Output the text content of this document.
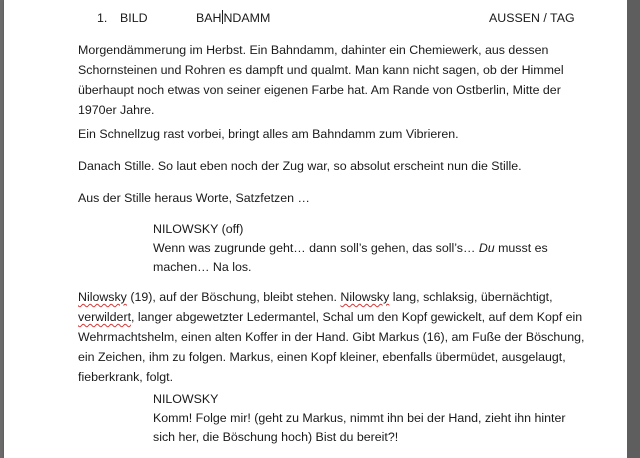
1. BILD	BAH NDAMM	AUSSEN / TAG
Morgendämmerung im Herbst. Ein Bahndamm, dahinter ein Chemiewerk, aus dessen
Schornsteinen und Rohren es dampft und qualmt. Man kann nicht sagen, ob der Himmel
überhaupt noch etwas von seiner eigenen Farbe hat. Am Rande von Ostberlin, Mitte der
1970er Jahre.
Ein Schnellzug rast vorbei, bringt alles am Bahndamm zum Vibrieren.
Danach Stille. So laut eben noch der Zug war, so absolut erscheint nun die Stille.
Aus der Stille heraus Worte, Satzfetzen …
NILOWSKY (off)
Wenn was zugrunde geht… dann soll’s gehen, das soll’s… Du musst es
machen… Na los.
Nilowsky (19), auf der Böschung, bleibt stehen. Nilowsky lang, schlaksig, übernächtigt,
verwildert, langer abgewetzter Ledermantel, Schal um den Kopf gewickelt, auf dem Kopf ein
Wehrmachtshelm, einen alten Koffer in der Hand. Gibt Markus (16), am Fuße der Böschung,
ein Zeichen, ihm zu folgen. Markus, einen Kopf kleiner, ebenfalls übermüdet, ausgelaugt,
fieberkrank, folgt.
NILOWSKY
Komm! Folge mir! (geht zu Markus, nimmt ihn bei der Hand, zieht ihn hinter
sich her, die Böschung hoch) Bist du bereit?!
